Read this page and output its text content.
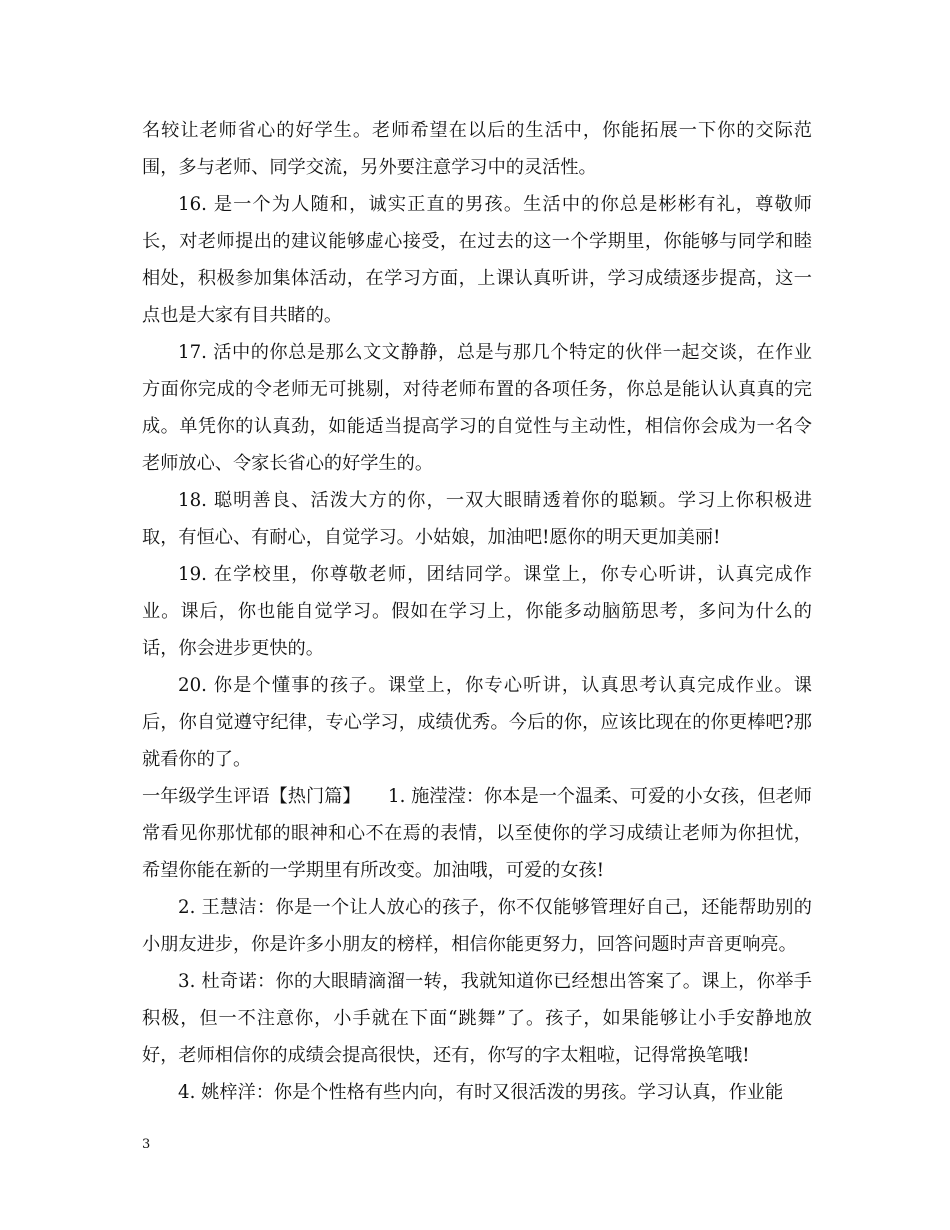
名较让老师省心的好学生。老师希望在以后的生活中，你能拓展一下你的交际范围，多与老师、同学交流，另外要注意学习中的灵活性。

16. 是一个为人随和，诚实正直的男孩。生活中的你总是彬彬有礼，尊敬师长，对老师提出的建议能够虚心接受，在过去的这一个学期里，你能够与同学和睦相处，积极参加集体活动，在学习方面，上课认真听讲，学习成绩逐步提高，这一点也是大家有目共睹的。

17. 活中的你总是那么文文静静，总是与那几个特定的伙伴一起交谈，在作业方面你完成的令老师无可挑剔，对待老师布置的各项任务，你总是能认认真真的完成。单凭你的认真劲，如能适当提高学习的自觉性与主动性，相信你会成为一名令老师放心、令家长省心的好学生的。

18. 聪明善良、活泼大方的你，一双大眼睛透着你的聪颖。学习上你积极进取，有恒心、有耐心，自觉学习。小姑娘，加油吧!愿你的明天更加美丽!

19. 在学校里，你尊敬老师，团结同学。课堂上，你专心听讲，认真完成作业。课后，你也能自觉学习。假如在学习上，你能多动脑筋思考，多问为什么的话，你会进步更快的。

20. 你是个懂事的孩子。课堂上，你专心听讲，认真思考认真完成作业。课后，你自觉遵守纪律，专心学习，成绩优秀。今后的你，应该比现在的你更棒吧?那就看你的了。

一年级学生评语【热门篇】　　1. 施滢滢：你本是一个温柔、可爱的小女孩，但老师常看见你那忧郁的眼神和心不在焉的表情，以至使你的学习成绩让老师为你担忧，希望你能在新的一学期里有所改变。加油哦，可爱的女孩!

2. 王慧洁：你是一个让人放心的孩子，你不仅能够管理好自己，还能帮助别的小朋友进步，你是许多小朋友的榜样，相信你能更努力，回答问题时声音更响亮。

3. 杜奇诺：你的大眼睛滴溜一转，我就知道你已经想出答案了。课上，你举手积极，但一不注意你，小手就在下面“跳舞”了。孩子，如果能够让小手安静地放好，老师相信你的成绩会提高很快，还有，你写的字太粗啦，记得常换笔哦!

4. 姚梓洋：你是个性格有些内向，有时又很活泼的男孩。学习认真，作业能

3
